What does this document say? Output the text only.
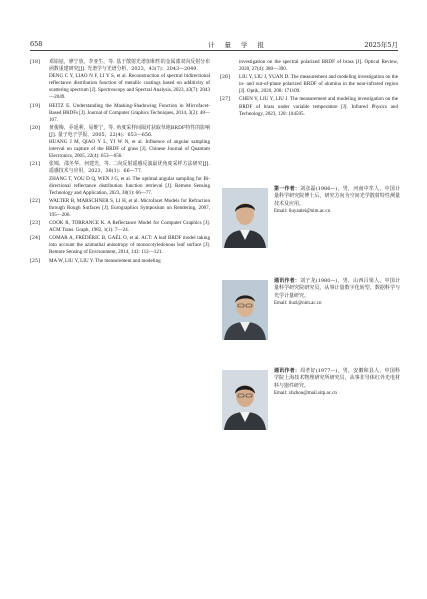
658	计量学报	2025年5月
[18] 邓铂铉，廖宁放，李亚生，等. 基于散射光谱加和性的金属漆双向反射分布函数重建研究[J]. 光谱学与光谱分析，2023，43(7)：2043—2049.
DENG C Y, LIAO N F, LI Y S, et al. Reconstruction of spectral bidirectional reflectance distribution function of metallic coatings based on additivity of scattering spectrum [J]. Spectroscopy and Spectral Analysis, 2023, 43(7): 2043—2049.
[19] HEITZ E. Understanding the Masking-Shadowing Function in Microfacet-Based BRDFs [J]. Journal of Computer Graphics Techniques, 2014, 3(2): 48—107.
[20] 黄俊梅，乔延利，易维宁，等. 角度采样间隔对获取草地BRDF特性的影响[J]. 量子电子学报，2005，22(4)：653—656.
HUANG J M, QIAO Y L, YI W N, et al. Influence of angular sampling interval on capture of the BRDF of grass [J]. Chinese Journal of Quantum Electronics, 2005, 22(4): 653—656.
[21] 张锦，邵冬华，何建光，等. 二向反射遥感反演最优角度采样方法研究[J]. 遥感技术与应用，2023，38(1)：66—77.
ZHANG T, YOU D Q, WEN J G, et al. The optimal angular sampling for Bi-directional reflectance distribution function retrieval [J]. Remote Sensing Technology and Application, 2023, 38(1): 66—77.
[22] WALTER B, MARSCHNER S, LI H, et al. Microfacet Models for Refraction through Rough Surfaces [J]. Eurographics Symposium on Rendering, 2007, 195—206.
[23] COOK R, TORRANCE K. A Reflectance Model for Computer Graphics [J]. ACM Trans. Graph, 1982, 1(1): 7—24.
[24] COMAR A, FRÉDÉRIC B, GAËL O, et al. ACT: A leaf BRDF model taking into account the azimuthal anisotropy of monocotyledonous leaf surface [J]. Remote Sensing of Environment, 2014, 143: 112—121.
[25] MA W, LIU Y, LIU Y. The measurement and modeling
investigation on the spectral polarized BRDF of brass [J]. Optical Review, 2020, 27(4): 380—390.
[26] LIU Y, LIU J, YUAN D. The measurement and modeling investigation on the in- and out-of-plane polarized BRDF of alumina in the near-infrared region [J]. Optik, 2020, 208: 171109.
[27] CHEN Y, LIU Y, LIU J. The measurement and modeling investigation on the BRDF of brass under variable temperature [J]. Infrared Physics and Technology, 2023, 128: 104505.
第一作者：刘彦磊(1986—)，男，河南中牟人，中国计量科学研究院博士后，研究方向为空间光学散射特性测量技术及应用。
Email: liuyanlei@nim.ac.cn
通讯作者：刘子龙(1980—)，男，山西吕梁人，中国计量科学研究院研究员，从事计量数字化转型、数据科学与光学计量研究。
Email: liuzl@nim.ac.cn
通讯作者：周孝好(1977—)，男，安徽和县人，中国科学院上海技术物理研究所研究员，从事非导体红外光电材料与器件研究。
Email: xhzhou@mail.sitp.ac.cn
